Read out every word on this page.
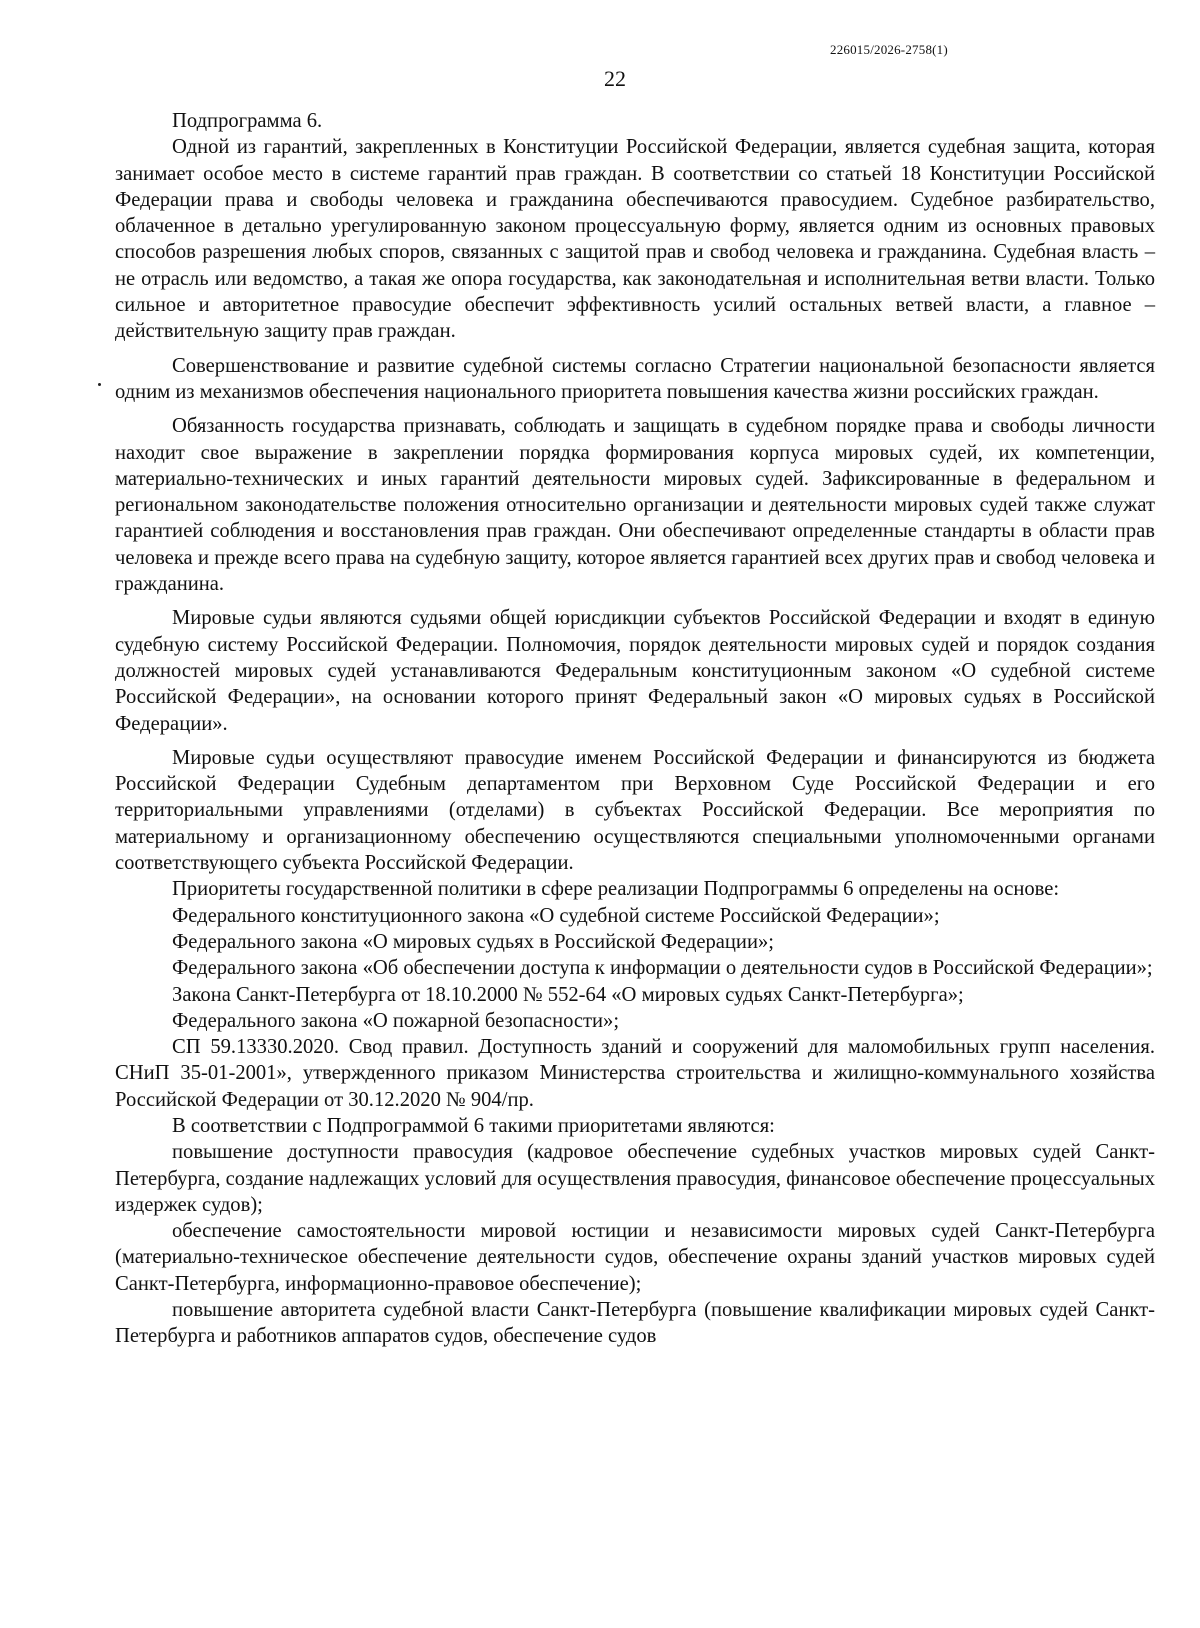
226015/2026-2758(1)
22

Подпрограмма 6.

Одной из гарантий, закрепленных в Конституции Российской Федерации, является судебная защита, которая занимает особое место в системе гарантий прав граждан. В соответствии со статьей 18 Конституции Российской Федерации права и свободы человека и гражданина обеспечиваются правосудием. Судебное разбирательство, облаченное в детально урегулированную законом процессуальную форму, является одним из основных правовых способов разрешения любых споров, связанных с защитой прав и свобод человека и гражданина. Судебная власть – не отрасль или ведомство, а такая же опора государства, как законодательная и исполнительная ветви власти. Только сильное и авторитетное правосудие обеспечит эффективность усилий остальных ветвей власти, а главное – действительную защиту прав граждан.

Совершенствование и развитие судебной системы согласно Стратегии национальной безопасности является одним из механизмов обеспечения национального приоритета повышения качества жизни российских граждан.

Обязанность государства признавать, соблюдать и защищать в судебном порядке права и свободы личности находит свое выражение в закреплении порядка формирования корпуса мировых судей, их компетенции, материально-технических и иных гарантий деятельности мировых судей. Зафиксированные в федеральном и региональном законодательстве положения относительно организации и деятельности мировых судей также служат гарантией соблюдения и восстановления прав граждан. Они обеспечивают определенные стандарты в области прав человека и прежде всего права на судебную защиту, которое является гарантией всех других прав и свобод человека и гражданина.

Мировые судьи являются судьями общей юрисдикции субъектов Российской Федерации и входят в единую судебную систему Российской Федерации. Полномочия, порядок деятельности мировых судей и порядок создания должностей мировых судей устанавливаются Федеральным конституционным законом «О судебной системе Российской Федерации», на основании которого принят Федеральный закон «О мировых судьях в Российской Федерации».

Мировые судьи осуществляют правосудие именем Российской Федерации и финансируются из бюджета Российской Федерации Судебным департаментом при Верховном Суде Российской Федерации и его территориальными управлениями (отделами) в субъектах Российской Федерации. Все мероприятия по материальному и организационному обеспечению осуществляются специальными уполномоченными органами соответствующего субъекта Российской Федерации.

Приоритеты государственной политики в сфере реализации Подпрограммы 6 определены на основе:

Федерального конституционного закона «О судебной системе Российской Федерации»;

Федерального закона «О мировых судьях в Российской Федерации»;

Федерального закона «Об обеспечении доступа к информации о деятельности судов в Российской Федерации»;

Закона Санкт-Петербурга от 18.10.2000 № 552-64 «О мировых судьях Санкт-Петербурга»;

Федерального закона «О пожарной безопасности»;

СП 59.13330.2020. Свод правил. Доступность зданий и сооружений для маломобильных групп населения. СНиП 35-01-2001», утвержденного приказом Министерства строительства и жилищно-коммунального хозяйства Российской Федерации от 30.12.2020 № 904/пр.

В соответствии с Подпрограммой 6 такими приоритетами являются:

повышение доступности правосудия (кадровое обеспечение судебных участков мировых судей Санкт-Петербурга, создание надлежащих условий для осуществления правосудия, финансовое обеспечение процессуальных издержек судов);

обеспечение самостоятельности мировой юстиции и независимости мировых судей Санкт-Петербурга (материально-техническое обеспечение деятельности судов, обеспечение охраны зданий участков мировых судей Санкт-Петербурга, информационно-правовое обеспечение);

повышение авторитета судебной власти Санкт-Петербурга (повышение квалификации мировых судей Санкт-Петербурга и работников аппаратов судов, обеспечение судов
